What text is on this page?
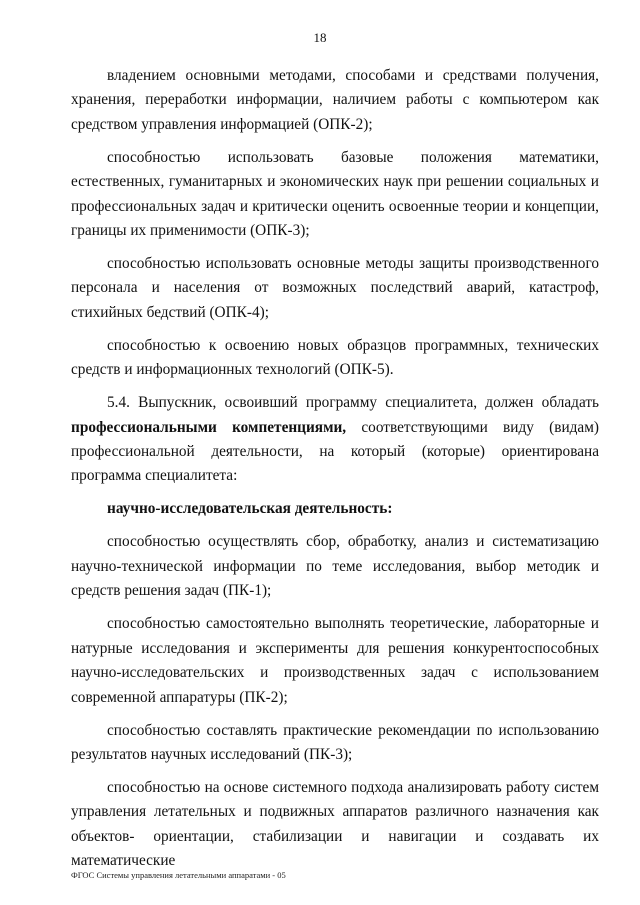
18

владением основными методами, способами и средствами получения, хранения, переработки информации, наличием работы с компьютером как средством управления информацией (ОПК-2);

способностью использовать базовые положения математики, естественных, гуманитарных и экономических наук при решении социальных и профессиональных задач и критически оценить освоенные теории и концепции, границы их применимости (ОПК-3);

способностью использовать основные методы защиты производственного персонала и населения от возможных последствий аварий, катастроф, стихийных бедствий (ОПК-4);

способностью к освоению новых образцов программных, технических средств и информационных технологий (ОПК-5).

5.4. Выпускник, освоивший программу специалитета, должен обладать профессиональными компетенциями, соответствующими виду (видам) профессиональной деятельности, на который (которые) ориентирована программа специалитета:

научно-исследовательская деятельность:

способностью осуществлять сбор, обработку, анализ и систематизацию научно-технической информации по теме исследования, выбор методик и средств решения задач (ПК-1);

способностью самостоятельно выполнять теоретические, лабораторные и натурные исследования и эксперименты для решения конкурентоспособных научно-исследовательских и производственных задач с использованием современной аппаратуры (ПК-2);

способностью составлять практические рекомендации по использованию результатов научных исследований (ПК-3);

способностью на основе системного подхода анализировать работу систем управления летательных и подвижных аппаратов различного назначения как объектов- ориентации, стабилизации и навигации и создавать их математические

ФГОС Системы управления летательными аппаратами - 05
